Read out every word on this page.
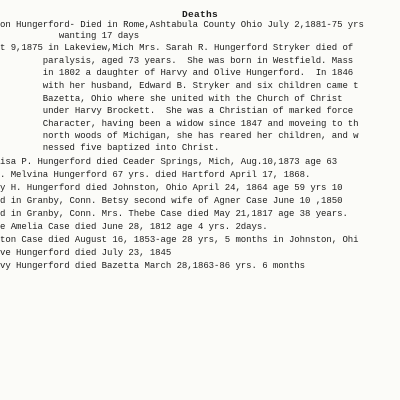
Deaths
on Hungerford- Died in Rome,Ashtabula County Ohio July 2,1881-75 yrs
wanting 17 days
t 9,1875 in Lakeview,Mich Mrs. Sarah R. Hungerford Stryker died of
paralysis, aged 73 years.  She was born in Westfield. Mass
in 1802 a daughter of Harvy and Olive Hungerford.  In 1846
with her husband, Edward B. Stryker and six children came t
Bazetta, Ohio where she united with the Church of Christ
under Harvy Brockett.  She was a Christian of marked force
Character, having been a widow since 1847 and moveing to th
north woods of Michigan, she has reared her children, and w
nessed five baptized into Christ.
isa P. Hungerford died Ceader Springs, Mich, Aug.10,1873 age 63
. Melvina Hungerford 67 yrs. died Hartford April 17, 1868.
y H. Hungerford died Johnston, Ohio April 24, 1864 age 59 yrs 10
d in Granby, Conn. Betsy second wife of Agner Case June 10 ,1850
d in Granby, Conn. Mrs. Thebe Case died May 21,1817 age 38 years.
e Amelia Case died June 28, 1812 age 4 yrs. 2days.
ton Case died August 16, 1853-age 28 yrs, 5 months in Johnston, Ohi
ve Hungerford died July 23, 1845
vy Hungerford died Bazetta March 28,1863-86 yrs. 6 months
